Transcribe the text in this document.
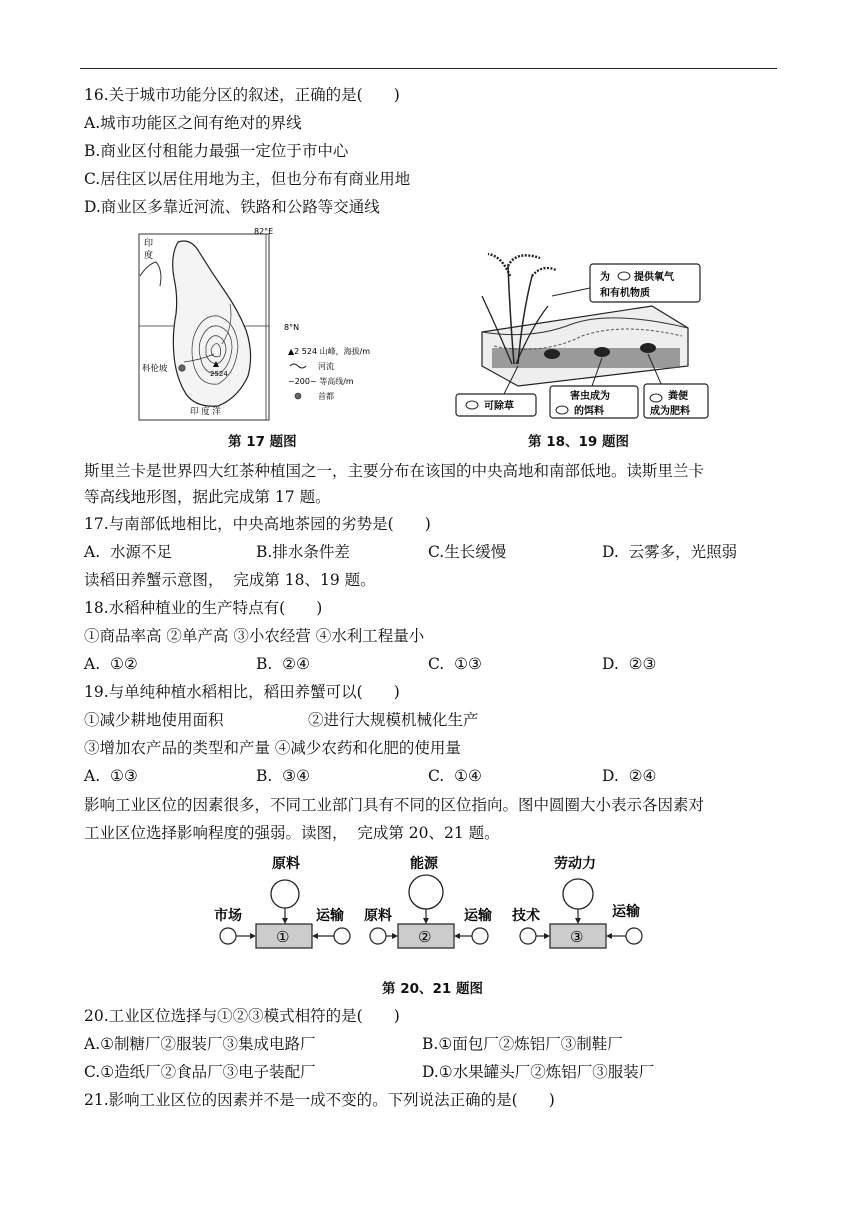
16.关于城市功能分区的叙述，正确的是(　　)
A.城市功能区之间有绝对的界线
B.商业区付租能力最强一定位于市中心
C.居住区以居住用地为主，但也分布有商业用地
D.商业区多靠近河流、铁路和公路等交通线
82°E
8°N
印
度
2524
科伦坡
印 度 洋
▲2 524 山峰，海拔/m
河流
~200~ 等高线/m
首都
第 17 题图
为 提供氧气
和有机物质
可除草
害虫成为
的饵料
粪便
成为肥料
第 18、19 题图
斯里兰卡是世界四大红茶种植国之一，主要分布在该国的中央高地和南部低地。读斯里兰卡
等高线地形图，据此完成第 17 题。
17.与南部低地相比，中央高地茶园的劣势是(　　)
A.  水源不足	B.排水条件差	C.生长缓慢	D.  云雾多，光照弱
读稻田养蟹示意图，  完成第 18、19 题。
18.水稻种植业的生产特点有(　　)
①商品率高 ②单产高 ③小农经营 ④水利工程量小
A.  ①②	B.  ②④	C.  ①③	D.  ②③
19.与单纯种植水稻相比，稻田养蟹可以(　　)
①减少耕地使用面积	②进行大规模机械化生产
③增加农产品的类型和产量 ④减少农药和化肥的使用量
A.  ①③	B.  ③④	C.  ①④	D.  ②④
影响工业区位的因素很多，不同工业部门具有不同的区位指向。图中圆圈大小表示各因素对
工业区位选择影响程度的强弱。读图，  完成第 20、21 题。
原料
①
市场	运输
能源
②
原料	运输
劳动力
③
技术	运输
第 20、21 题图
20.工业区位选择与①②③模式相符的是(　　)
A.①制糖厂②服装厂③集成电路厂	B.①面包厂②炼铝厂③制鞋厂
C.①造纸厂②食品厂③电子装配厂	D.①水果罐头厂②炼铝厂③服装厂
21.影响工业区位的因素并不是一成不变的。下列说法正确的是(　　)
